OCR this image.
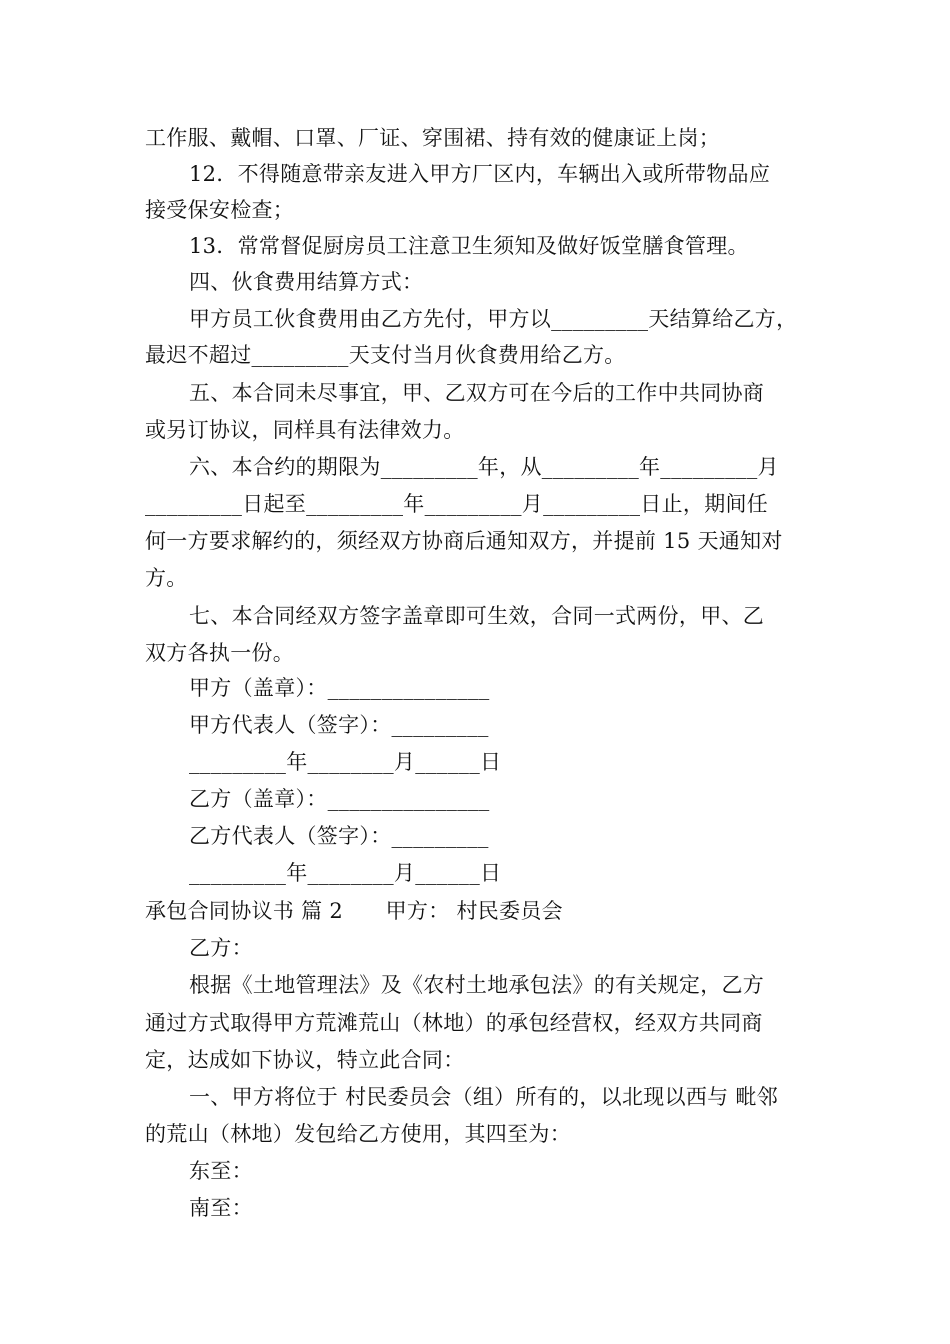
工作服、戴帽、口罩、厂证、穿围裙、持有效的健康证上岗；
12．不得随意带亲友进入甲方厂区内，车辆出入或所带物品应
接受保安检查；
13．常常督促厨房员工注意卫生须知及做好饭堂膳食管理。
四、伙食费用结算方式：
甲方员工伙食费用由乙方先付，甲方以_________天结算给乙方，
最迟不超过_________天支付当月伙食费用给乙方。
五、本合同未尽事宜，甲、乙双方可在今后的工作中共同协商
或另订协议，同样具有法律效力。
六、本合约的期限为_________年，从_________年_________月
_________日起至_________年_________月_________日止，期间任
何一方要求解约的，须经双方协商后通知双方，并提前 15 天通知对
方。
七、本合同经双方签字盖章即可生效，合同一式两份，甲、乙
双方各执一份。
甲方（盖章）：_______________
甲方代表人（签字）：_________
_________年________月______日
乙方（盖章）：_______________
乙方代表人（签字）：_________
_________年________月______日
承包合同协议书 篇 2　　甲方： 村民委员会
乙方：
根据《土地管理法》及《农村土地承包法》的有关规定，乙方
通过方式取得甲方荒滩荒山（林地）的承包经营权，经双方共同商
定，达成如下协议，特立此合同：
一、甲方将位于 村民委员会（组）所有的，以北现以西与 毗邻
的荒山（林地）发包给乙方使用，其四至为：
东至：
南至：
